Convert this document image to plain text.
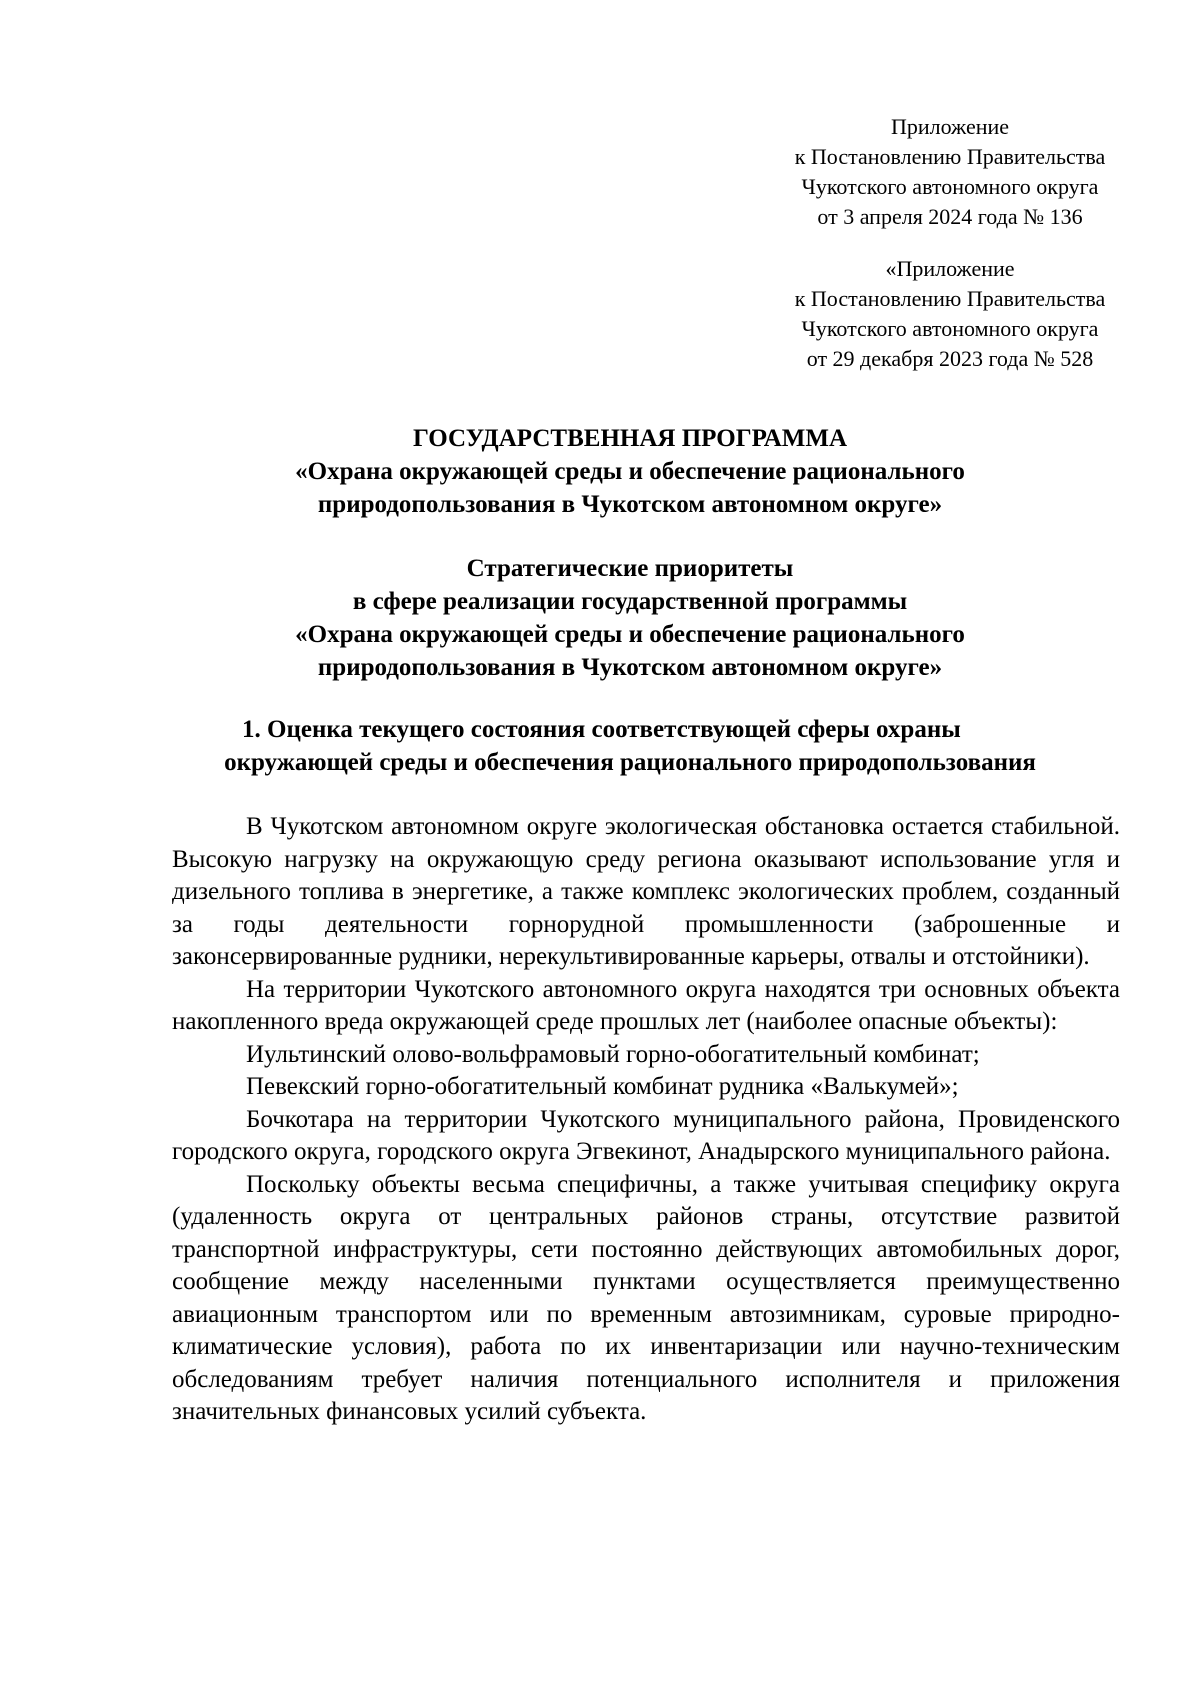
Приложение
к Постановлению Правительства
Чукотского автономного округа
от 3 апреля 2024 года № 136
«Приложение
к Постановлению Правительства
Чукотского автономного округа
от 29 декабря 2023 года № 528
ГОСУДАРСТВЕННАЯ ПРОГРАММА
«Охрана окружающей среды и обеспечение рационального
природопользования в Чукотском автономном округе»
Стратегические приоритеты
в сфере реализации государственной программы
«Охрана окружающей среды и обеспечение рационального
природопользования в Чукотском автономном округе»
1. Оценка текущего состояния соответствующей сферы охраны
окружающей среды и обеспечения рационального природопользования

В Чукотском автономном округе экологическая обстановка остается стабильной. Высокую нагрузку на окружающую среду региона оказывают использование угля и дизельного топлива в энергетике, а также комплекс экологических проблем, созданный за годы деятельности горнорудной промышленности (заброшенные и законсервированные рудники, нерекультивированные карьеры, отвалы и отстойники).

На территории Чукотского автономного округа находятся три основных объекта накопленного вреда окружающей среде прошлых лет (наиболее опасные объекты):

Иультинский олово-вольфрамовый горно-обогатительный комбинат;

Певекский горно-обогатительный комбинат рудника «Валькумей»;

Бочкотара на территории Чукотского муниципального района, Провиденского городского округа, городского округа Эгвекинот, Анадырского муниципального района.

Поскольку объекты весьма специфичны, а также учитывая специфику округа (удаленность округа от центральных районов страны, отсутствие развитой транспортной инфраструктуры, сети постоянно действующих автомобильных дорог, сообщение между населенными пунктами осуществляется преимущественно авиационным транспортом или по временным автозимникам, суровые природно-климатические условия), работа по их инвентаризации или научно-техническим обследованиям требует наличия потенциального исполнителя и приложения значительных финансовых усилий субъекта.
